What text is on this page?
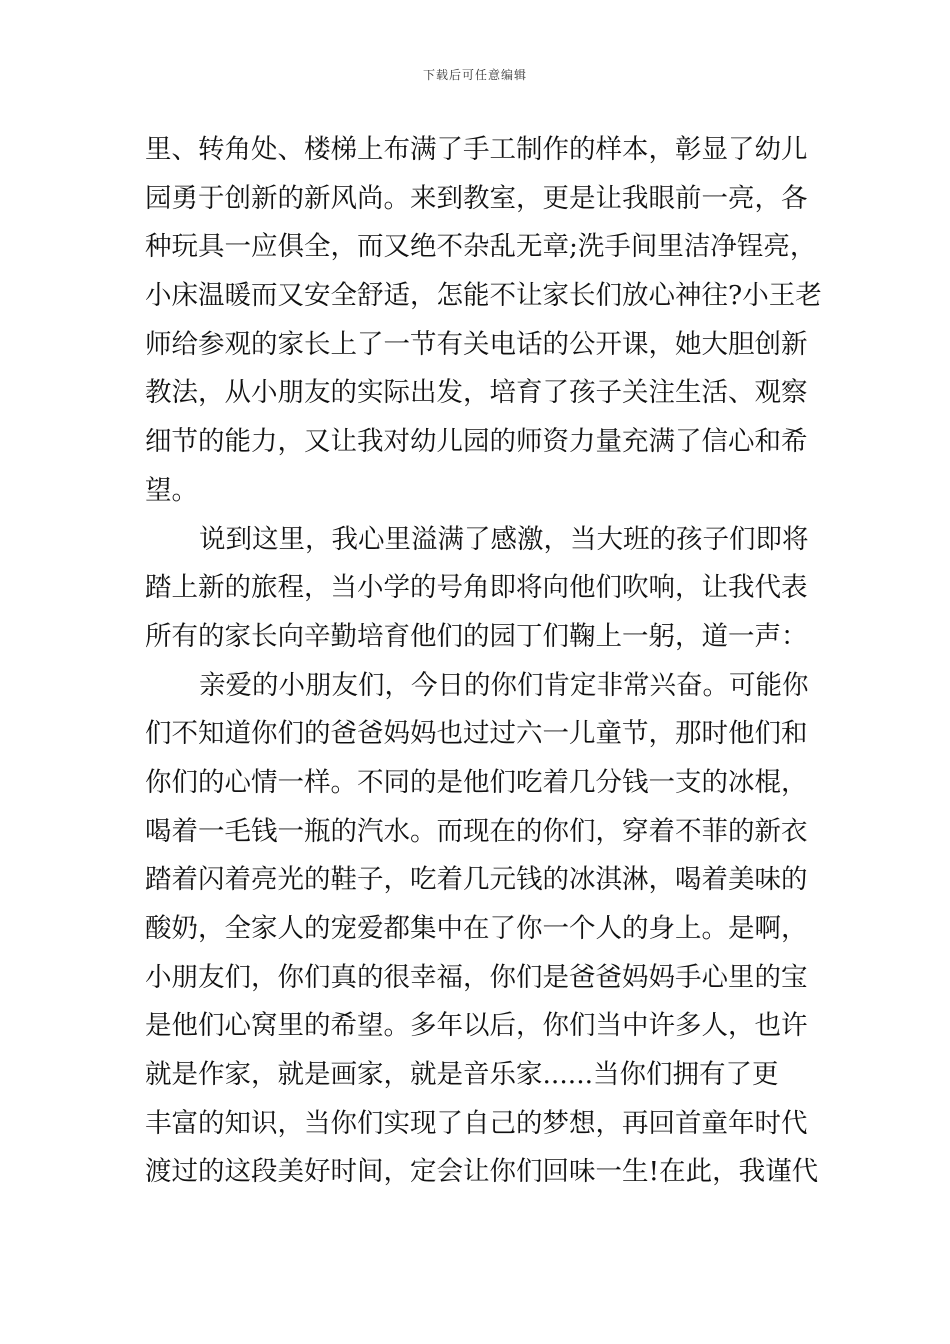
下载后可任意编辑
里、转角处、楼梯上布满了手工制作的样本，彰显了幼儿
园勇于创新的新风尚。来到教室，更是让我眼前一亮，各
种玩具一应俱全，而又绝不杂乱无章;洗手间里洁净锃亮，
小床温暖而又安全舒适，怎能不让家长们放心神往?小王老
师给参观的家长上了一节有关电话的公开课，她大胆创新
教法，从小朋友的实际出发，培育了孩子关注生活、观察
细节的能力，又让我对幼儿园的师资力量充满了信心和希
望。
说到这里，我心里溢满了感激，当大班的孩子们即将
踏上新的旅程，当小学的号角即将向他们吹响，让我代表
所有的家长向辛勤培育他们的园丁们鞠上一躬，道一声：
亲爱的小朋友们，今日的你们肯定非常兴奋。可能你
们不知道你们的爸爸妈妈也过过六一儿童节，那时他们和
你们的心情一样。不同的是他们吃着几分钱一支的冰棍，
喝着一毛钱一瓶的汽水。而现在的你们，穿着不菲的新衣
踏着闪着亮光的鞋子，吃着几元钱的冰淇淋，喝着美味的
酸奶，全家人的宠爱都集中在了你一个人的身上。是啊，
小朋友们，你们真的很幸福，你们是爸爸妈妈手心里的宝
是他们心窝里的希望。多年以后，你们当中许多人，也许
就是作家，就是画家，就是音乐家......当你们拥有了更
丰富的知识，当你们实现了自己的梦想，再回首童年时代
渡过的这段美好时间，定会让你们回味一生!在此，我谨代
